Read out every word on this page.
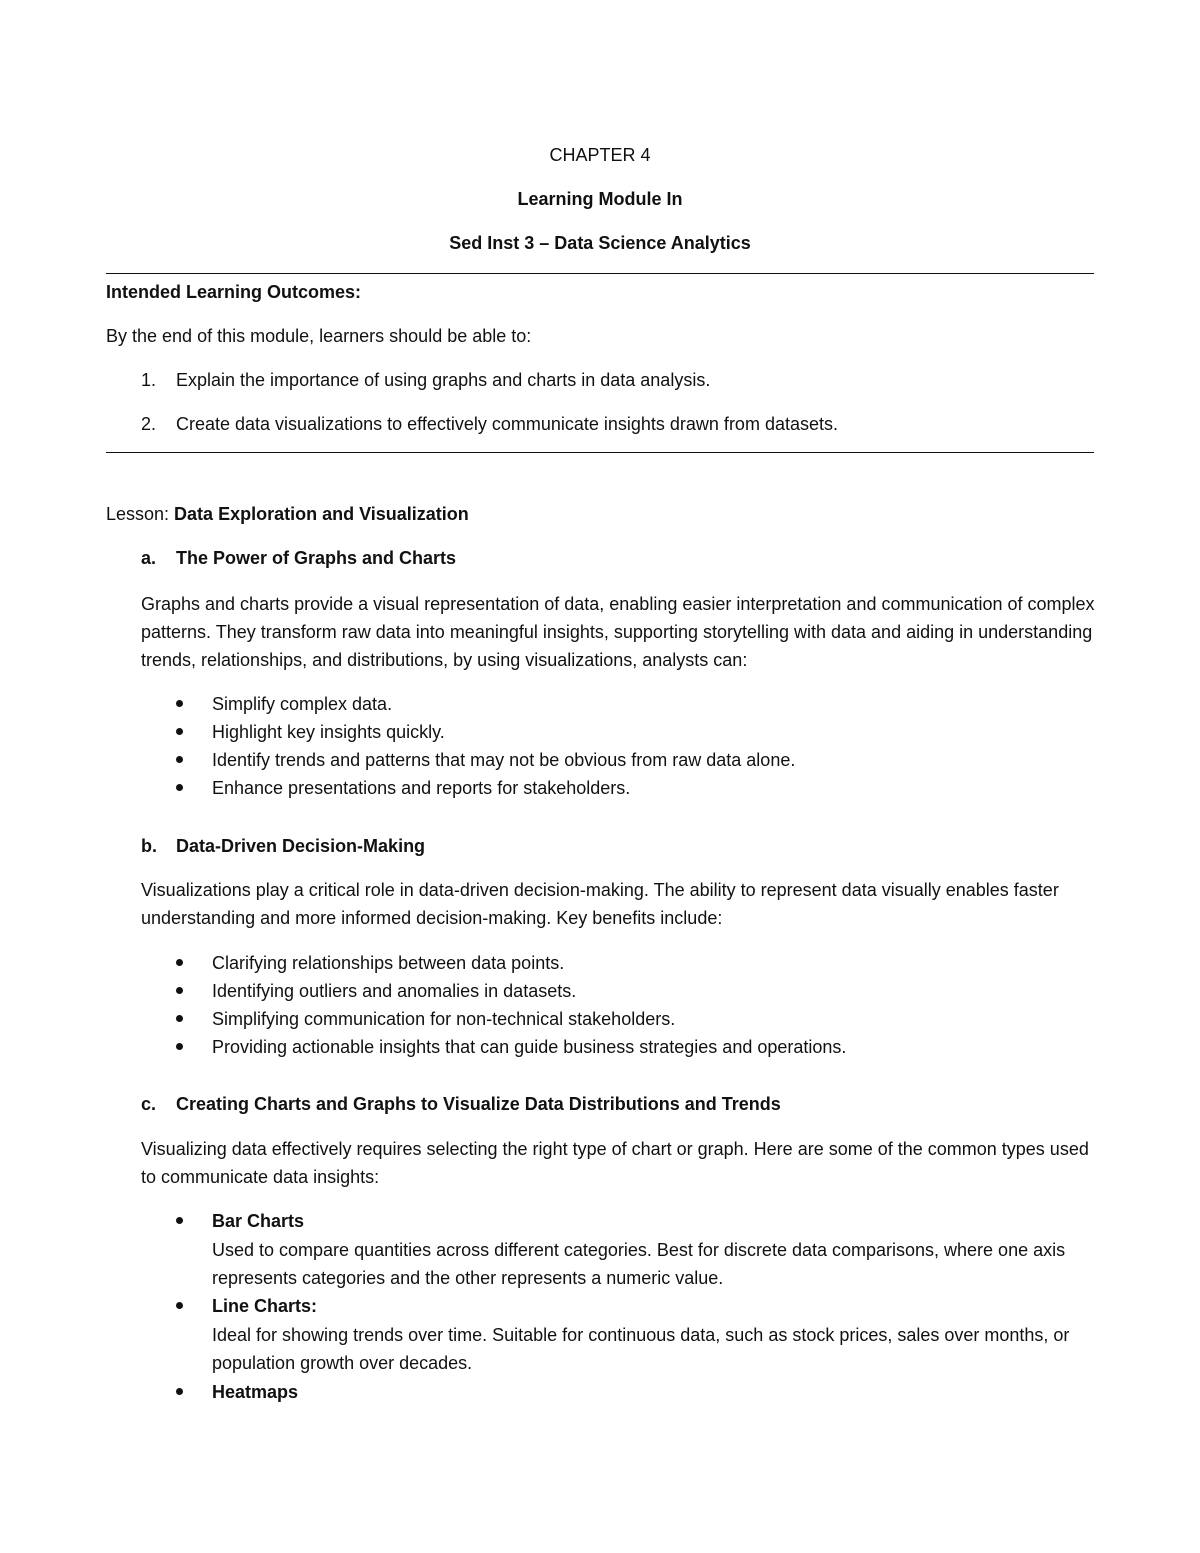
CHAPTER 4
Learning Module In
Sed Inst 3 – Data Science Analytics
Intended Learning Outcomes:
By the end of this module, learners should be able to:
1. Explain the importance of using graphs and charts in data analysis.
2. Create data visualizations to effectively communicate insights drawn from datasets.
Lesson: Data Exploration and Visualization
a. The Power of Graphs and Charts
Graphs and charts provide a visual representation of data, enabling easier interpretation and communication of complex patterns. They transform raw data into meaningful insights, supporting storytelling with data and aiding in understanding trends, relationships, and distributions, by using visualizations, analysts can:
Simplify complex data.
Highlight key insights quickly.
Identify trends and patterns that may not be obvious from raw data alone.
Enhance presentations and reports for stakeholders.
b. Data-Driven Decision-Making
Visualizations play a critical role in data-driven decision-making. The ability to represent data visually enables faster understanding and more informed decision-making. Key benefits include:
Clarifying relationships between data points.
Identifying outliers and anomalies in datasets.
Simplifying communication for non-technical stakeholders.
Providing actionable insights that can guide business strategies and operations.
c. Creating Charts and Graphs to Visualize Data Distributions and Trends
Visualizing data effectively requires selecting the right type of chart or graph. Here are some of the common types used to communicate data insights:
Bar Charts
Used to compare quantities across different categories. Best for discrete data comparisons, where one axis represents categories and the other represents a numeric value.
Line Charts:
Ideal for showing trends over time. Suitable for continuous data, such as stock prices, sales over months, or population growth over decades.
Heatmaps
